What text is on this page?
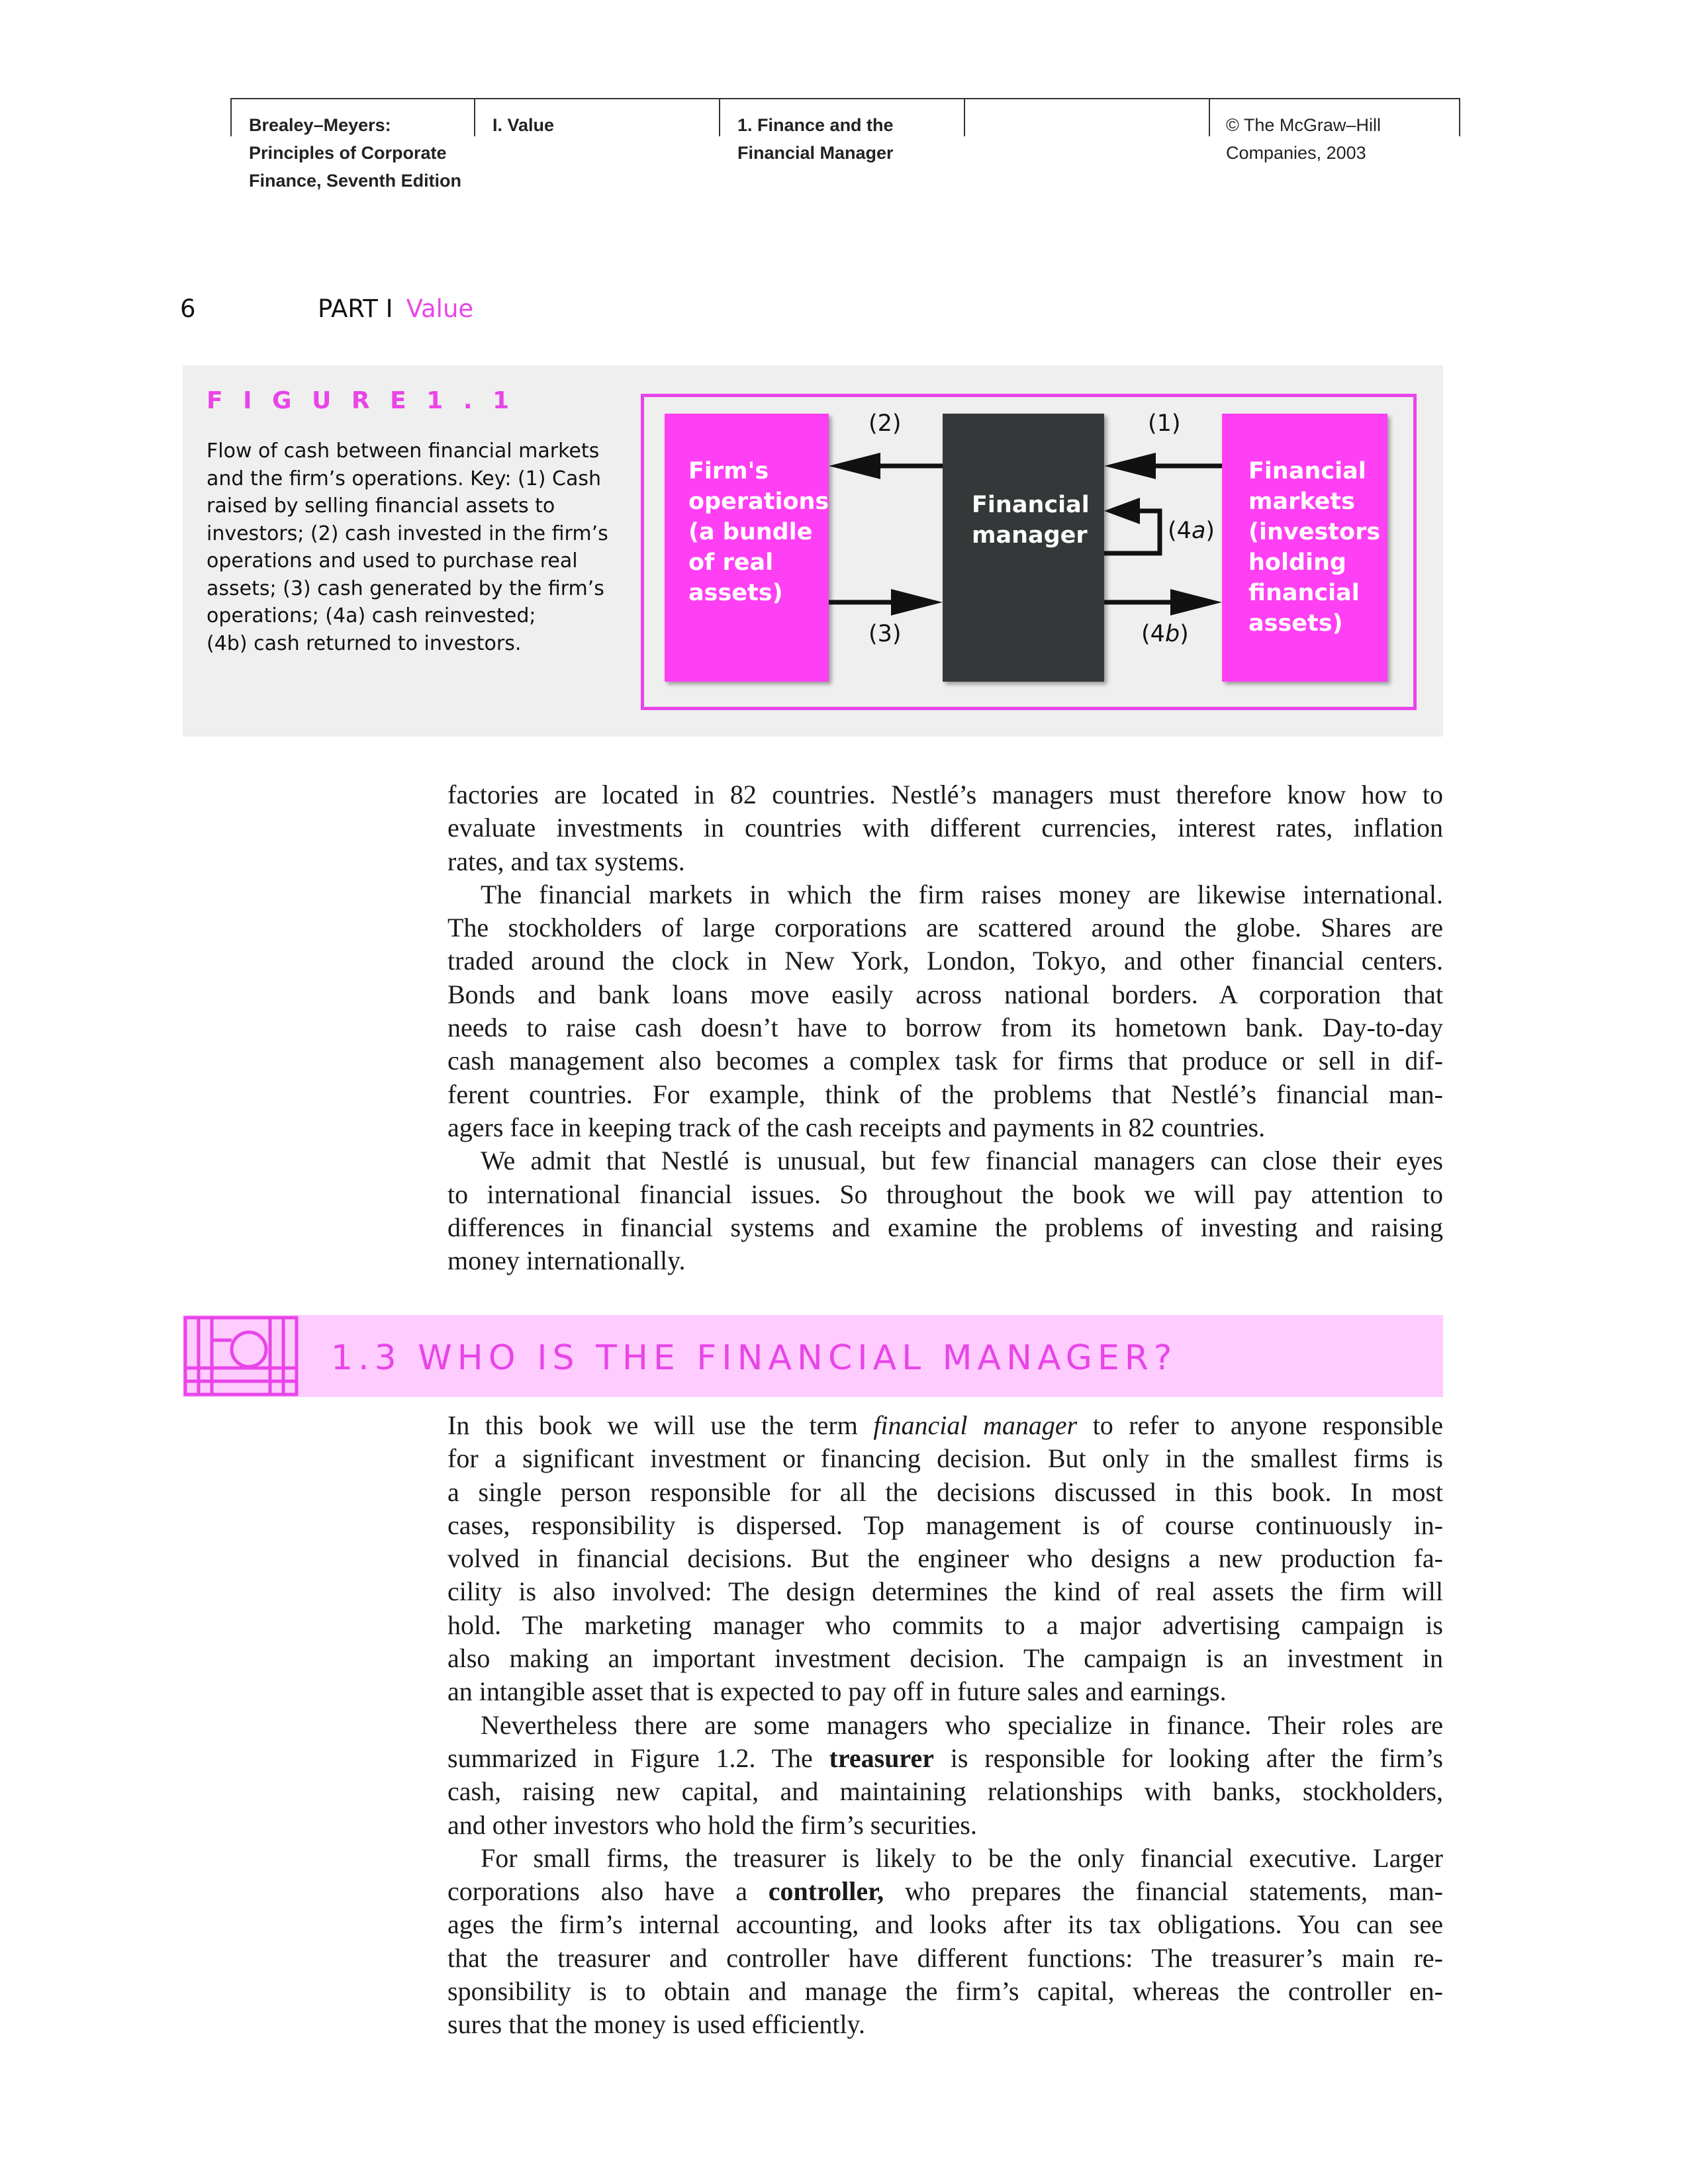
Brealey–Meyers:
Principles of Corporate
Finance, Seventh Edition
I. Value	1. Finance and the
Financial Manager
© The McGraw–Hill
Companies, 2003
6	PART I Value
F I G U R E 1 . 1
Flow of cash between financial markets
and the firm’s operations. Key: (1) Cash
raised by selling financial assets to
investors; (2) cash invested in the firm’s
operations and used to purchase real
assets; (3) cash generated by the firm’s
operations; (4a) cash reinvested;
(4b) cash returned to investors.
Firm's
operations
(a bundle
of real
assets)
Financial
manager
Financial
markets
(investors
holding
financial
assets)
(2)	(1)
(3)
(4a)
(4b)
factories are located in 82 countries. Nestlé’s managers must therefore know how to
evaluate investments in countries with different currencies, interest rates, inflation
rates, and tax systems.
The financial markets in which the firm raises money are likewise international.
The stockholders of large corporations are scattered around the globe. Shares are
traded around the clock in New York, London, Tokyo, and other financial centers.
Bonds and bank loans move easily across national borders. A corporation that
needs to raise cash doesn’t have to borrow from its hometown bank. Day-to-day
cash management also becomes a complex task for firms that produce or sell in dif-
ferent countries. For example, think of the problems that Nestlé’s financial man-
agers face in keeping track of the cash receipts and payments in 82 countries.
We admit that Nestlé is unusual, but few financial managers can close their eyes
to international financial issues. So throughout the book we will pay attention to
differences in financial systems and examine the problems of investing and raising
money internationally.
1.3 WHO IS THE FINANCIAL MANAGER?
In this book we will use the term financial manager to refer to anyone responsible
for a significant investment or financing decision. But only in the smallest firms is
a single person responsible for all the decisions discussed in this book. In most
cases, responsibility is dispersed. Top management is of course continuously in-
volved in financial decisions. But the engineer who designs a new production fa-
cility is also involved: The design determines the kind of real assets the firm will
hold. The marketing manager who commits to a major advertising campaign is
also making an important investment decision. The campaign is an investment in
an intangible asset that is expected to pay off in future sales and earnings.
Nevertheless there are some managers who specialize in finance. Their roles are
summarized in Figure 1.2. The treasurer is responsible for looking after the firm’s
cash, raising new capital, and maintaining relationships with banks, stockholders,
and other investors who hold the firm’s securities.
For small firms, the treasurer is likely to be the only financial executive. Larger
corporations also have a controller, who prepares the financial statements, man-
ages the firm’s internal accounting, and looks after its tax obligations. You can see
that the treasurer and controller have different functions: The treasurer’s main re-
sponsibility is to obtain and manage the firm’s capital, whereas the controller en-
sures that the money is used efficiently.
